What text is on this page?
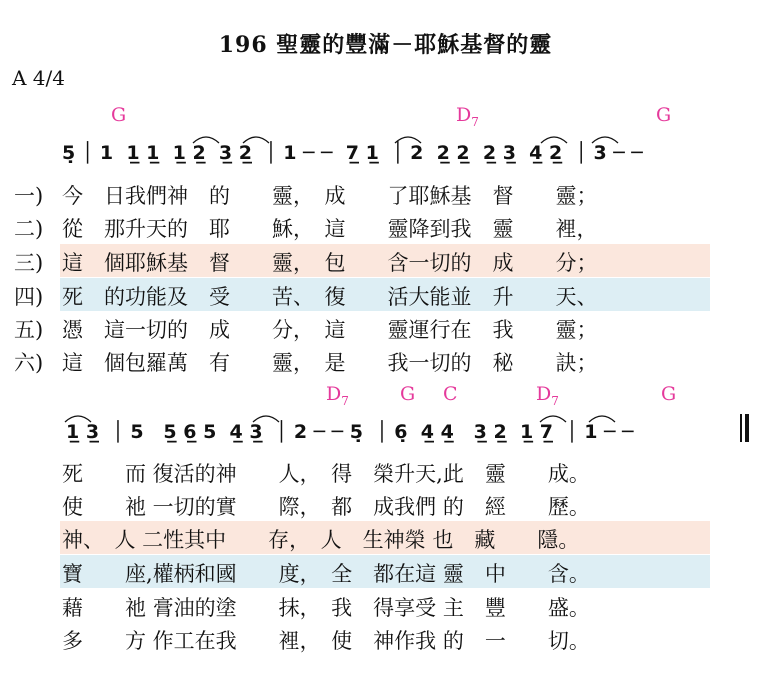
196 聖靈的豐滿－耶穌基督的靈
A 4/4
G	$D_7$	G
5̣ │ 1  1̲ 1̲  1̲ 2̲  3̲ 2̲  │ 1 ─ ─  7̲ 1̲  │ 2  2̲ 2̲  2̲ 3̲  4̲ 2̲  │ 3 ─ ─
一) 今　日我們神　的　　靈，　成　　了耶穌基　督　　靈；
二) 從　那升天的　耶　　穌，　這　　靈降到我　靈　　裡，
三) 這　個耶穌基　督　　靈，　包　　含一切的　成　　分；
四) 死　的功能及　受　　苦、　復　　活大能並　升　　天、
五) 憑　這一切的　成　　分，　這　　靈運行在　我　　靈；
六) 這　個包羅萬　有　　靈，　是　　我一切的　秘　　訣；
$D_7$	G C	$D_7$	G
1̲ 3̲  │ 5   5̲ 6̲ 5  4̲ 3̲  │ 2 ─ ─ 5̣  │ 6̣  4̲ 4̲   3̲ 2̲  1̲ 7̲  │ 1 ─ ─
死　　而 復活的神　　人，　得　榮升天,此　靈　　成。
使　　祂 一切的實　　際，　都　成我們 的　經　　歷。
神、　人 二性其中　　存，　人　生神榮 也　藏　　隱。
寶　　座,權柄和國　　度，　全　都在這 靈　中　　含。
藉　　祂 膏油的塗　　抹，　我　得享受 主　豐　　盛。
多　　方 作工在我　　裡，　使　神作我 的　一　　切。
